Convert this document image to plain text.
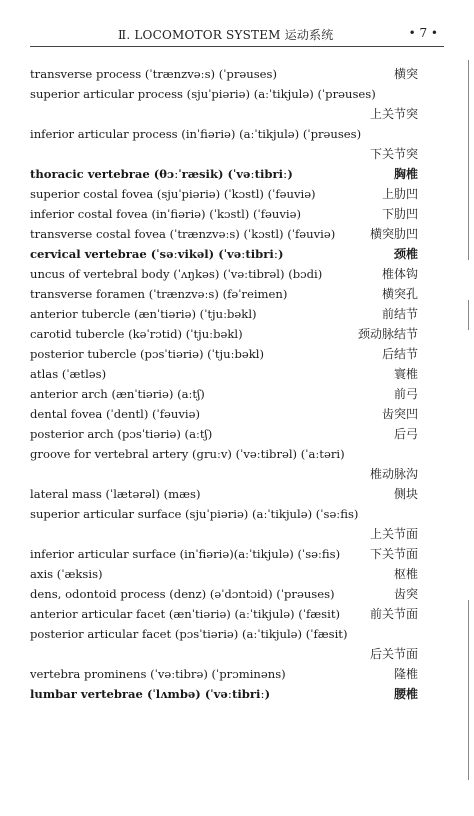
Ⅱ. LOCOMOTOR SYSTEM 运动系统	• 7 •
transverse process (ˈtrænzvəːs) (ˈprəuses)	横突
superior articular process (sjuˈpiəriə) (aːˈtikjulə) (ˈprəuses)
上关节突
inferior articular process (inˈfiəriə) (aːˈtikjulə) (ˈprəuses)
下关节突
thoracic vertebrae (θɔːˈræsik) (ˈvəːtibriː)	胸椎
superior costal fovea (sjuˈpiəriə) (ˈkɔstl) (ˈfəuviə)	上肋凹
inferior costal fovea (inˈfiəriə) (ˈkɔstl) (ˈfəuviə)	下肋凹
transverse costal fovea (ˈtrænzvəːs) (ˈkɔstl) (ˈfəuviə)	横突肋凹
cervical vertebrae (ˈsəːvikəl) (ˈvəːtibriː)	颈椎
uncus of vertebral body (ˈʌŋkəs) (ˈvəːtibrəl) (bɔdi)	椎体钩
transverse foramen (ˈtrænzvəːs) (fəˈreimen)	横突孔
anterior tubercle (ænˈtiəriə) (ˈtjuːbəkl)	前结节
carotid tubercle (kəˈrɔtid) (ˈtjuːbəkl)	颈动脉结节
posterior tubercle (pɔsˈtiəriə) (ˈtjuːbəkl)	后结节
atlas (ˈætləs)	寰椎
anterior arch (ænˈtiəriə) (aːtʃ)	前弓
dental fovea (ˈdentl) (ˈfəuviə)	齿突凹
posterior arch (pɔsˈtiəriə) (aːtʃ)	后弓
groove for vertebral artery (gruːv) (ˈvəːtibrəl) (ˈaːtəri)
椎动脉沟
lateral mass (ˈlætərəl) (mæs)	侧块
superior articular surface (sjuˈpiəriə) (aːˈtikjulə) (ˈsəːfis)
上关节面
inferior articular surface (inˈfiəriə)(aːˈtikjulə) (ˈsəːfis) 下关节面
axis (ˈæksis)	枢椎
dens, odontoid process (denz) (əˈdɔntɔid) (ˈprəuses)	齿突
anterior articular facet (ænˈtiəriə) (aːˈtikjulə) (ˈfæsit) 前关节面
posterior articular facet (pɔsˈtiəriə) (aːˈtikjulə) (ˈfæsit)
后关节面
vertebra prominens (ˈvəːtibrə) (ˈprɔminəns)	隆椎
lumbar vertebrae (ˈlʌmbə) (ˈvəːtibriː)	腰椎
